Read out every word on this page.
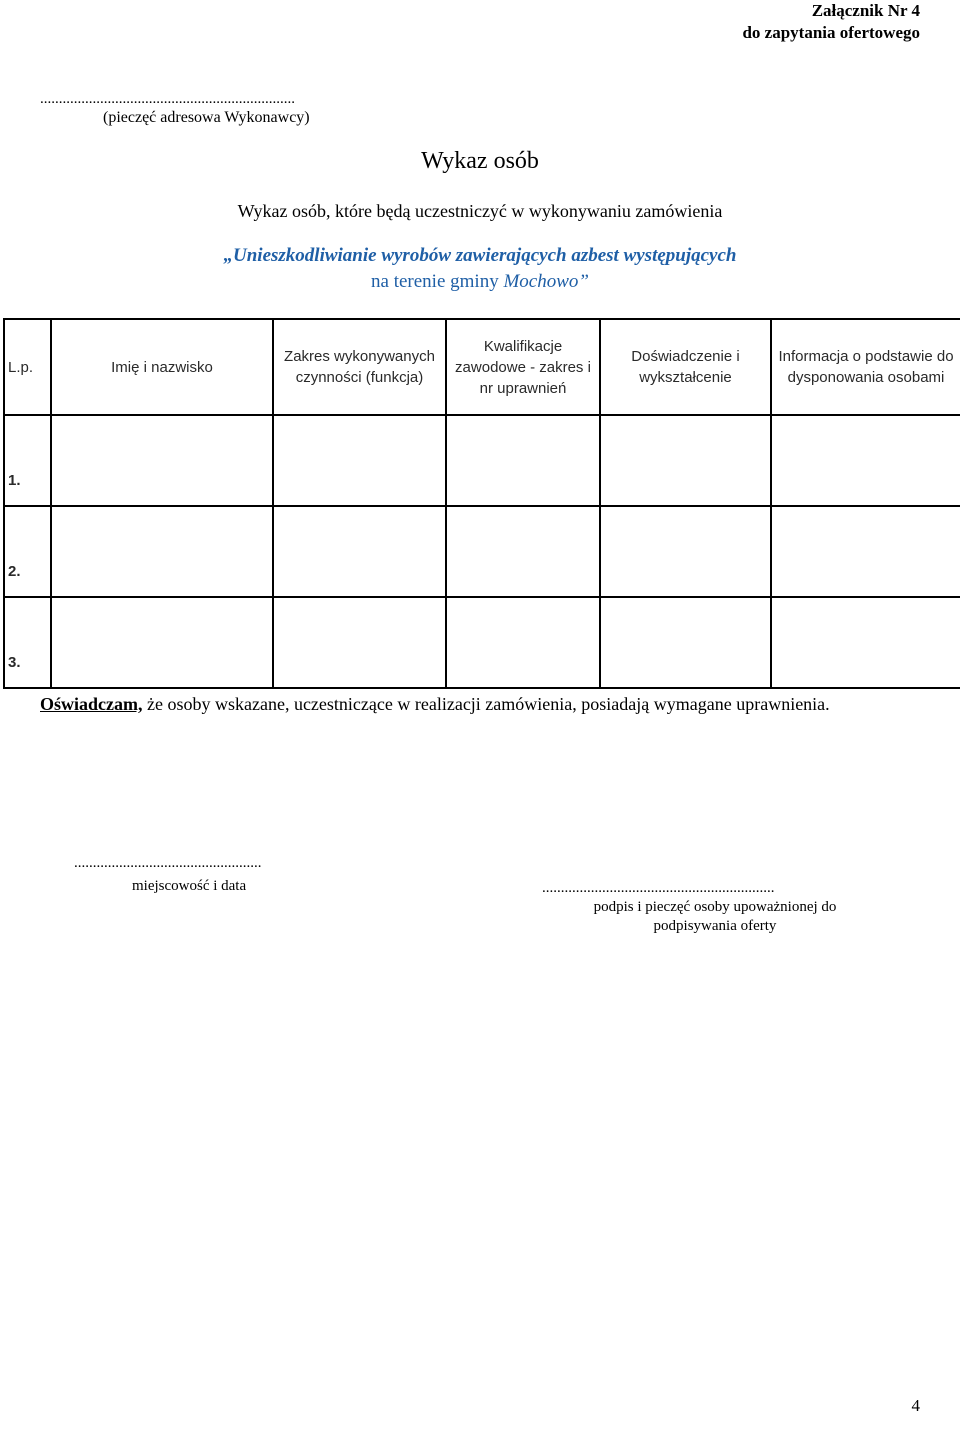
Załącznik Nr 4
do zapytania ofertowego
....................................................................
(pieczęć adresowa Wykonawcy)
Wykaz osób
Wykaz osób, które będą uczestniczyć w wykonywaniu zamówienia
„Unieszkodliwianie wyrobów zawierających azbest występujących
na terenie gminy Mochowo”
L.p.	Imię i nazwisko	Zakres wykonywanych czynności (funkcja)	Kwalifikacje zawodowe - zakres i nr uprawnień	Doświadczenie i wykształcenie	Informacja o podstawie do dysponowania osobami
1.					
2.					
3.					
Oświadczam, że osoby wskazane, uczestniczące w realizacji zamówienia, posiadają wymagane uprawnienia.
..................................................
miejscowość i data	..............................................................
podpis i pieczęć osoby upoważnionej do podpisywania oferty
4
